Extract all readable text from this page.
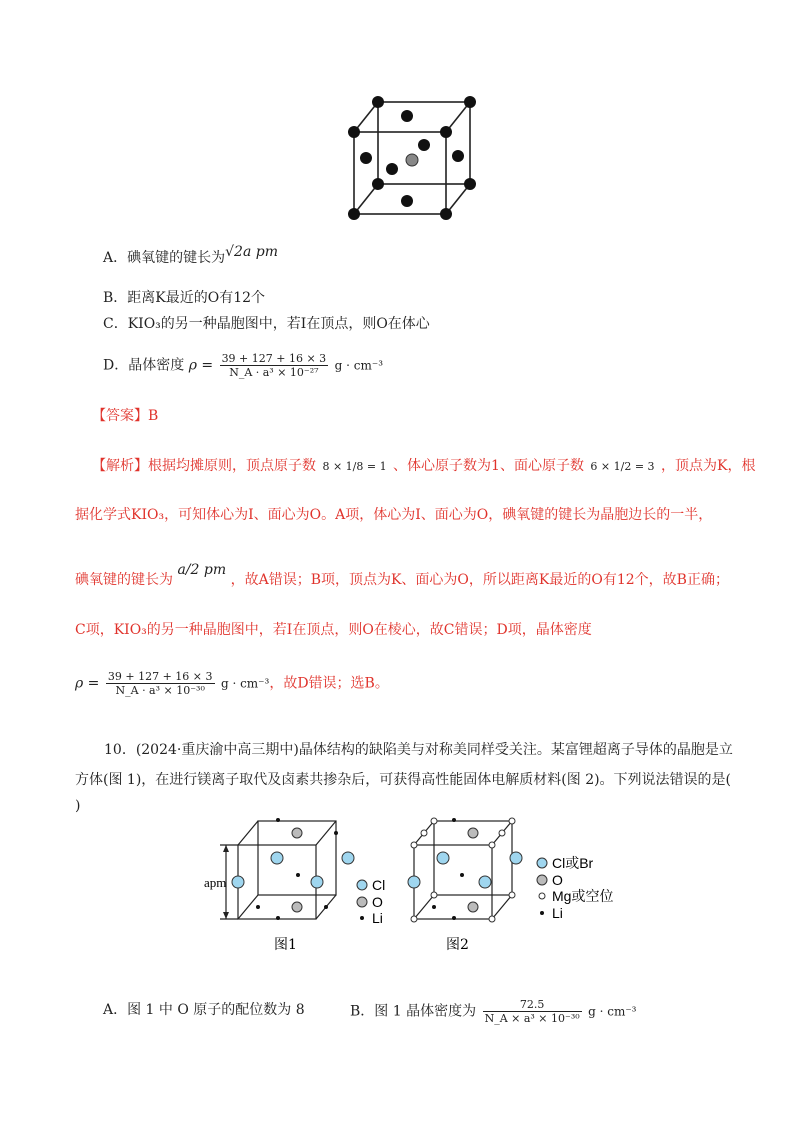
A．碘氧键的键长为√2a pm
B．距离K最近的O有12个
C．KIO₃的另一种晶胞图中，若I在顶点，则O在体心
D．晶体密度 $\rho = \frac{39 + 127 + 16 \times 3}{\text{N\_A · a³ × 10⁻²⁷}}$ g · cm⁻³
【答案】B
【解析】根据均摊原则，顶点原子数 8 × 1/8 = 1 、体心原子数为1、面心原子数 6 × 1/2 = 3 ，顶点为K，根
据化学式KIO₃，可知体心为I、面心为O。A项，体心为I、面心为O，碘氧键的键长为晶胞边长的一半，
碘氧键的键长为 a/2 pm ，故A错误；B项，顶点为K、面心为O，所以距离K最近的O有12个，故B正确；
C项，KIO₃的另一种晶胞图中，若I在顶点，则O在棱心，故C错误；D项，晶体密度
$\rho = \frac{39 + 127 + 16 \times 3}{\text{N\_A · a³ × 10⁻³⁰}}$ g · cm⁻³，故D错误；选B。
10．(2024·重庆渝中高三期中)晶体结构的缺陷美与对称美同样受关注。某富锂超离子导体的晶胞是立
方体(图 1)，在进行镁离子取代及卤素共掺杂后，可获得高性能固体电解质材料(图 2)。下列说法错误的是(
)
apm	Cl
O
Li
图1
Cl或Br
O
Mg或空位
Li
图2
A．图 1 中 O 原子的配位数为 8	B．图 1 晶体密度为 $\frac{72.5}{\text{N\_A × a³ × 10⁻³⁰}}$ g · cm⁻³
